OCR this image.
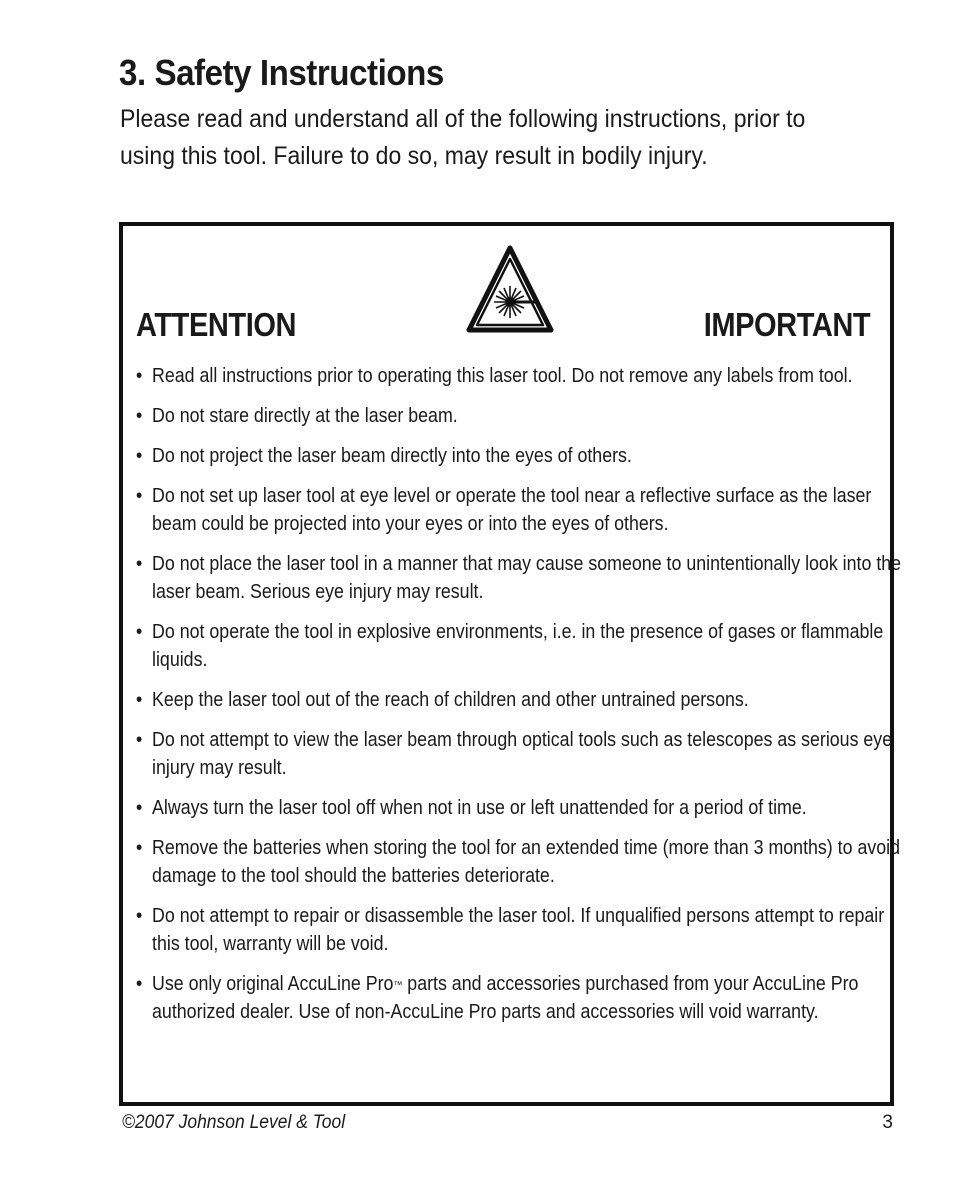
3. Safety Instructions

Please read and understand all of the following instructions, prior to using this tool. Failure to do so, may result in bodily injury.

ATTENTION	IMPORTANT
• Read all instructions prior to operating this laser tool. Do not remove any labels from tool.
• Do not stare directly at the laser beam.
• Do not project the laser beam directly into the eyes of others.
• Do not set up laser tool at eye level or operate the tool near a reflective surface as the laser beam could be projected into your eyes or into the eyes of others.
• Do not place the laser tool in a manner that may cause someone to unintentionally look into the laser beam. Serious eye injury may result.
• Do not operate the tool in explosive environments, i.e. in the presence of gases or flammable liquids.
• Keep the laser tool out of the reach of children and other untrained persons.
• Do not attempt to view the laser beam through optical tools such as telescopes as serious eye injury may result.
• Always turn the laser tool off when not in use or left unattended for a period of time.
• Remove the batteries when storing the tool for an extended time (more than 3 months) to avoid damage to the tool should the batteries deteriorate.
• Do not attempt to repair or disassemble the laser tool. If unqualified persons attempt to repair this tool, warranty will be void.
• Use only original AccuLine Pro™ parts and accessories purchased from your AccuLine Pro authorized dealer. Use of non-AccuLine Pro parts and accessories will void warranty.
©2007 Johnson Level & Tool	3
